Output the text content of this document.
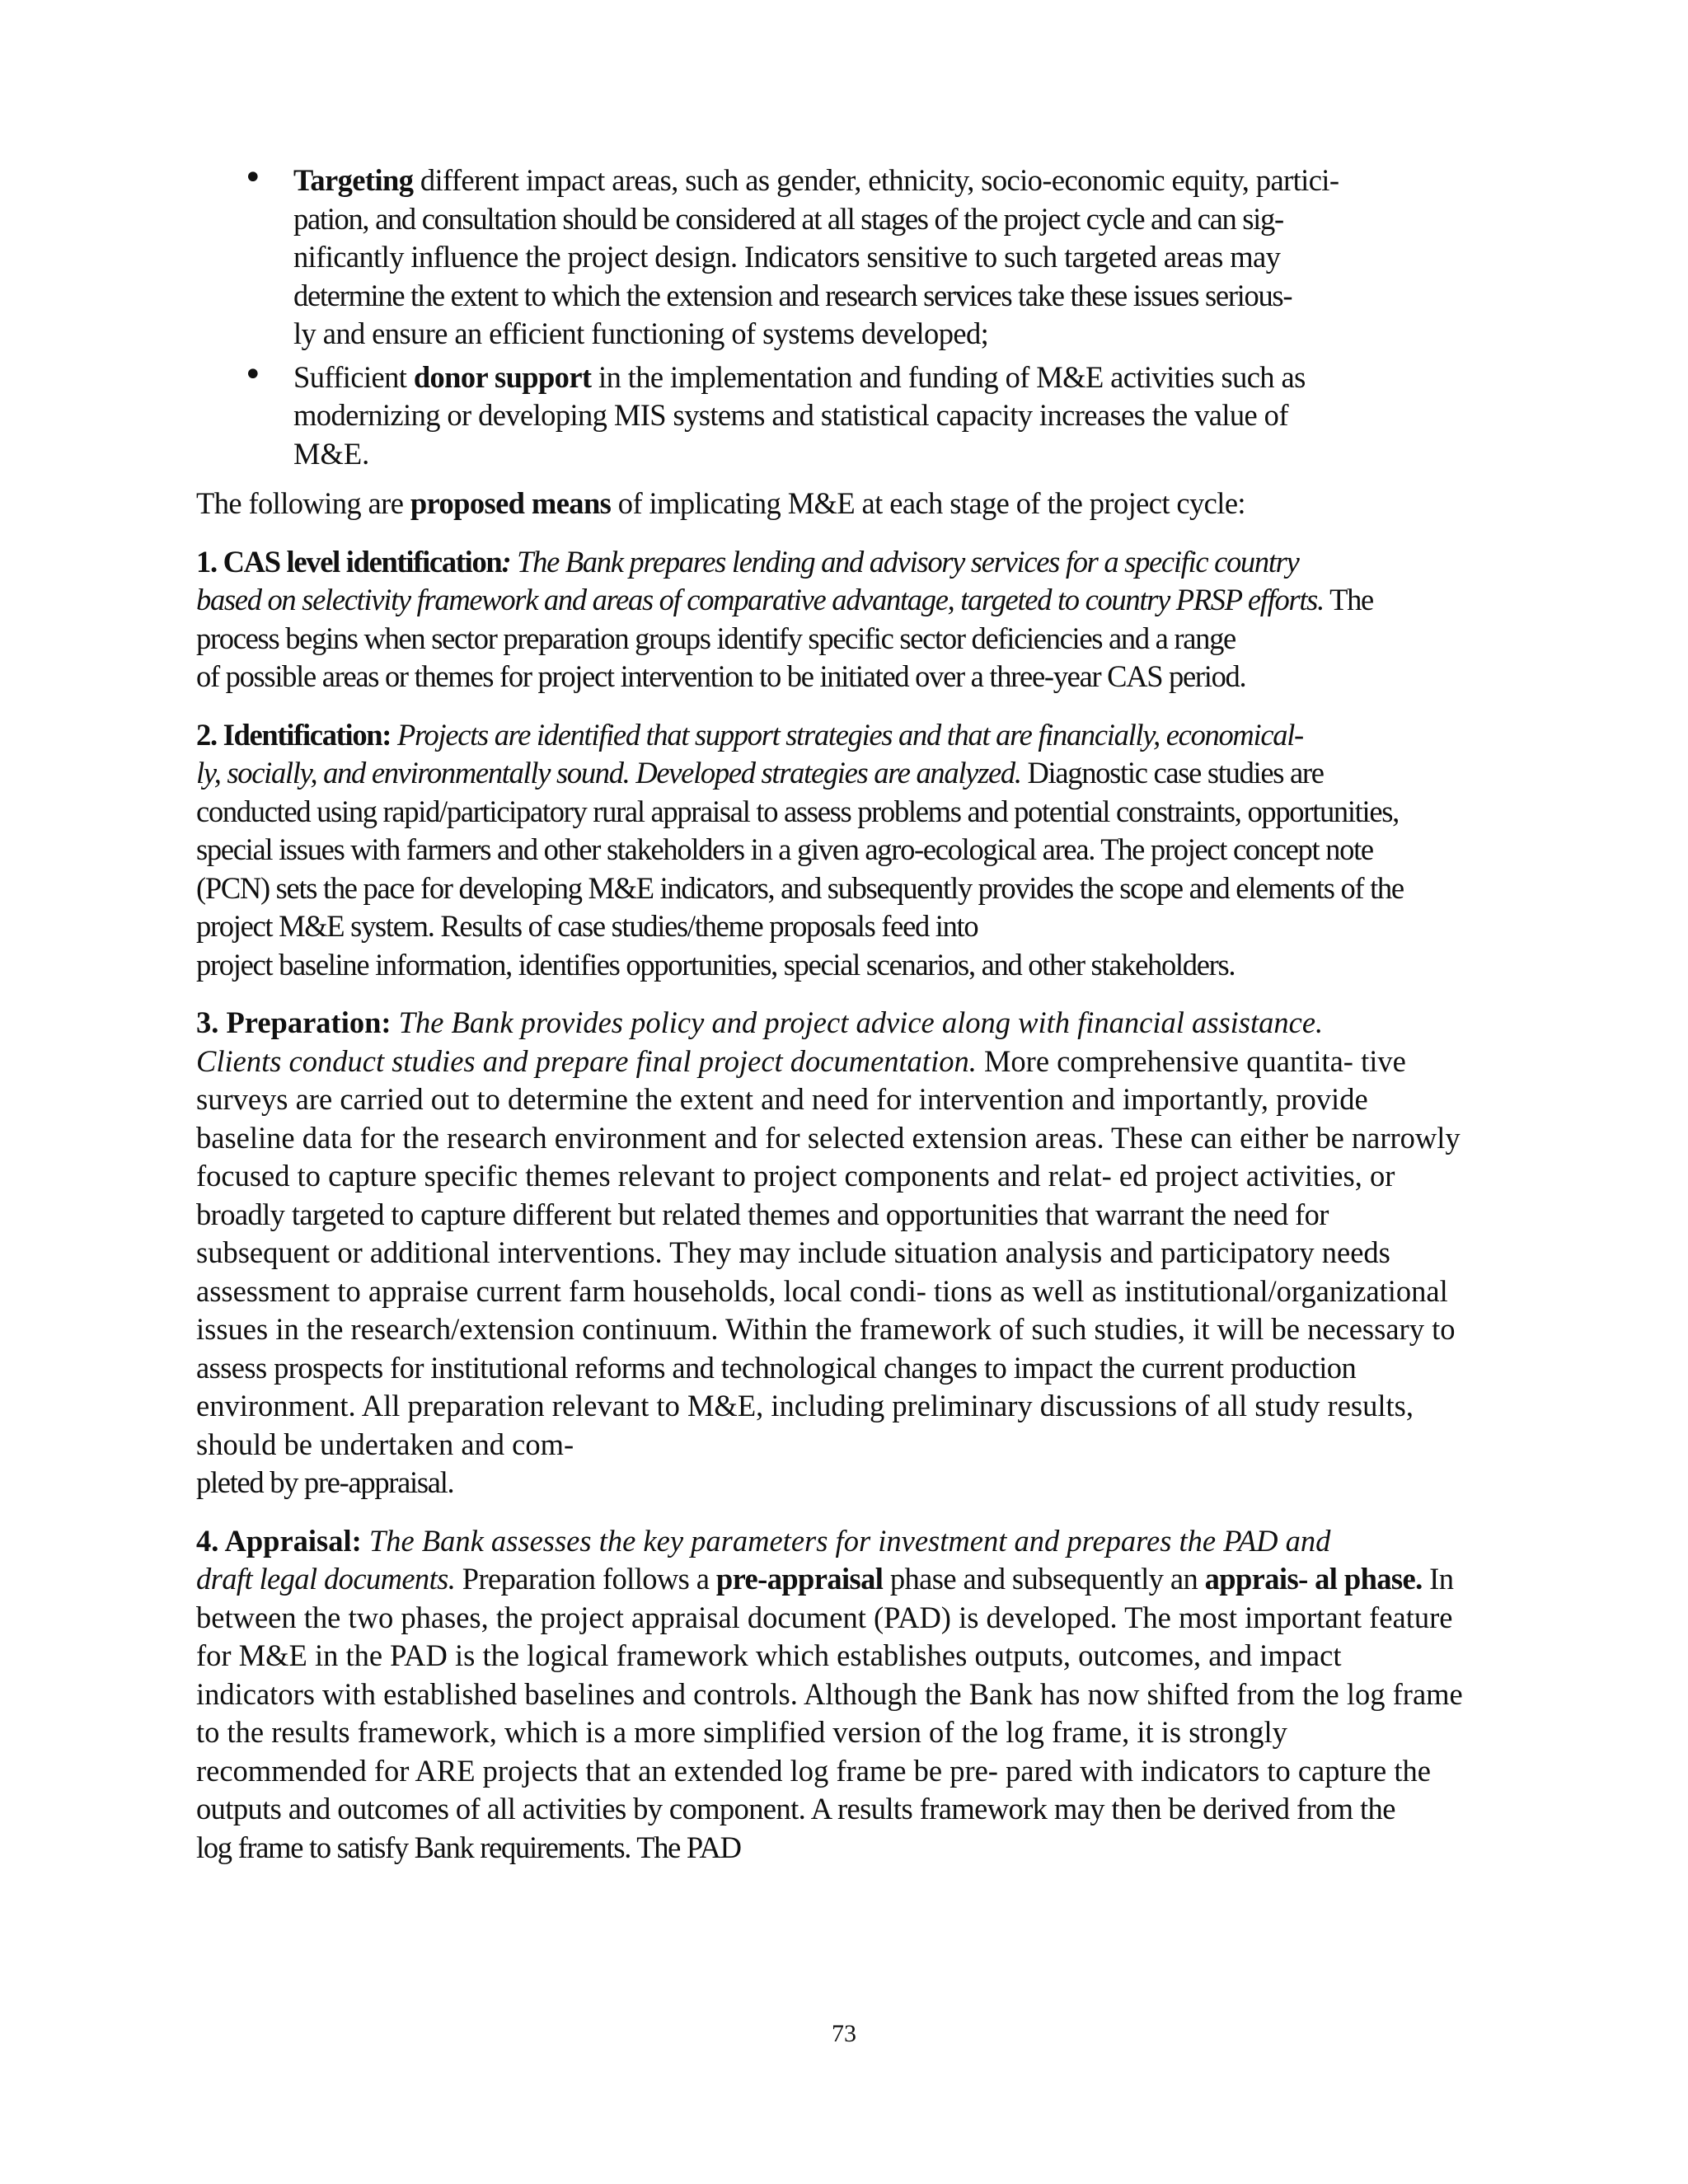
• Targeting different impact areas, such as gender, ethnicity, socio-economic equity, partici-
pation, and consultation should be considered at all stages of the project cycle and can sig-
nificantly influence the project design. Indicators sensitive to such targeted areas may
determine the extent to which the extension and research services take these issues serious-
ly and ensure an efficient functioning of systems developed;
• Sufficient donor support in the implementation and funding of M&E activities such as
modernizing or developing MIS systems and statistical capacity increases the value of
M&E.

The following are proposed means of implicating M&E at each stage of the project cycle:

1. CAS level identification: The Bank prepares lending and advisory services for a specific country
based on selectivity framework and areas of comparative advantage, targeted to country PRSP efforts. The
process begins when sector preparation groups identify specific sector deficiencies and a range
of possible areas or themes for project intervention to be initiated over a three-year CAS period.

2. Identification: Projects are identified that support strategies and that are financially, economical-
ly, socially, and environmentally sound. Developed strategies are analyzed. Diagnostic case studies are
conducted using rapid/participatory rural appraisal to assess problems and potential constraints, opportunities,
special issues with farmers and other stakeholders in a given agro-ecological area. The project concept note
(PCN) sets the pace for developing M&E indicators, and subsequently provides the scope and elements of the
project M&E system. Results of case studies/theme proposals feed into
project baseline information, identifies opportunities, special scenarios, and other stakeholders.

3. Preparation: The Bank provides policy and project advice along with financial assistance.
Clients conduct studies and prepare final project documentation. More comprehensive quantita- tive
surveys are carried out to determine the extent and need for intervention and importantly, provide
baseline data for the research environment and for selected extension areas. These can either be narrowly
focused to capture specific themes relevant to project components and relat- ed project activities, or
broadly targeted to capture different but related themes and opportunities that warrant the need for
subsequent or additional interventions. They may include situation analysis and participatory needs
assessment to appraise current farm households, local condi- tions as well as institutional/organizational
issues in the research/extension continuum. Within the framework of such studies, it will be necessary to
assess prospects for institutional reforms and technological changes to impact the current production
environment. All preparation relevant to M&E, including preliminary discussions of all study results,
should be undertaken and com-
pleted by pre-appraisal.

4. Appraisal: The Bank assesses the key parameters for investment and prepares the PAD and
draft legal documents. Preparation follows a pre-appraisal phase and subsequently an apprais- al phase. In
between the two phases, the project appraisal document (PAD) is developed. The most important feature
for M&E in the PAD is the logical framework which establishes outputs, outcomes, and impact
indicators with established baselines and controls. Although the Bank has now shifted from the log frame
to the results framework, which is a more simplified version of the log frame, it is strongly
recommended for ARE projects that an extended log frame be pre- pared with indicators to capture the
outputs and outcomes of all activities by component. A results framework may then be derived from the
log frame to satisfy Bank requirements. The PAD

73
